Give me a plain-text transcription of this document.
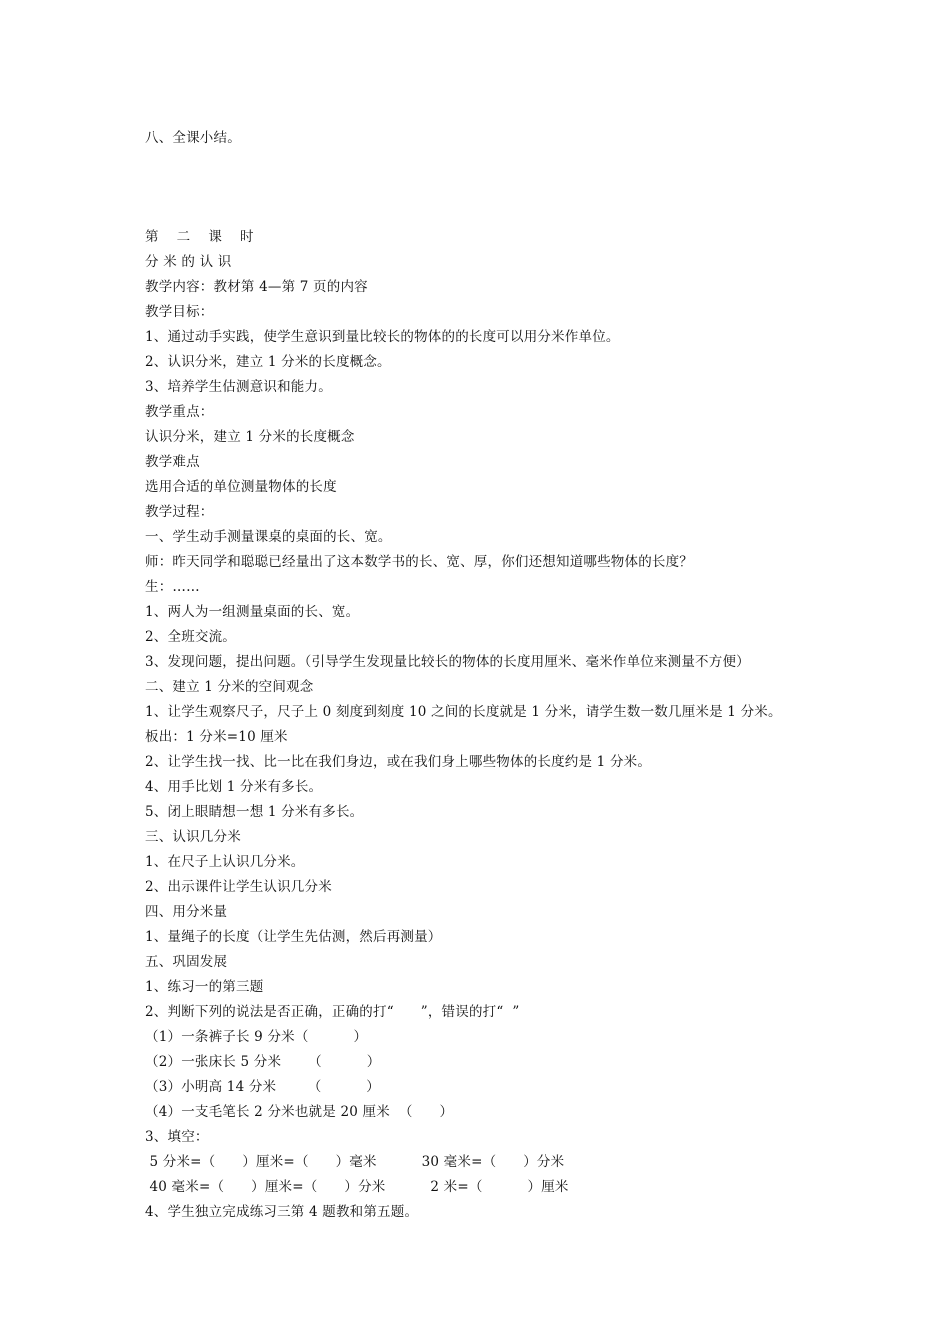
八、全课小结。
第    二    课    时
分 米 的 认 识
教学内容：教材第 4—第 7 页的内容
教学目标：
1、通过动手实践，使学生意识到量比较长的物体的的长度可以用分米作单位。
2、认识分米，建立 1 分米的长度概念。
3、培养学生估测意识和能力。
教学重点：
认识分米，建立 1 分米的长度概念
教学难点
选用合适的单位测量物体的长度
教学过程：
一、学生动手测量课桌的桌面的长、宽。
师：昨天同学和聪聪已经量出了这本数学书的长、宽、厚，你们还想知道哪些物体的长度？
生：……
1、两人为一组测量桌面的长、宽。
2、全班交流。
3、发现问题，提出问题。（引导学生发现量比较长的物体的长度用厘米、毫米作单位来测量不方便）
二、建立 1 分米的空间观念
1、让学生观察尺子，尺子上 0 刻度到刻度 10 之间的长度就是 1 分米，请学生数一数几厘米是 1 分米。
板出：1 分米=10 厘米
2、让学生找一找、比一比在我们身边，或在我们身上哪些物体的长度约是 1 分米。
4、用手比划 1 分米有多长。
5、闭上眼睛想一想 1 分米有多长。
三、认识几分米
1、在尺子上认识几分米。
2、出示课件让学生认识几分米
四、用分米量
1、量绳子的长度（让学生先估测，然后再测量）
五、巩固发展
1、练习一的第三题
2、判断下列的说法是否正确，正确的打“      ”，错误的打“  ”
（1）一条裤子长 9 分米（          ）
（2）一张床长 5 分米      （          ）
（3）小明高 14 分米       （          ）
（4）一支毛笔长 2 分米也就是 20 厘米  （      ）
3、填空：
5 分米=（      ）厘米=（      ）毫米          30 毫米=（      ）分米
40 毫米=（      ）厘米=（      ）分米          2 米=（          ）厘米
4、学生独立完成练习三第 4 题教和第五题。
